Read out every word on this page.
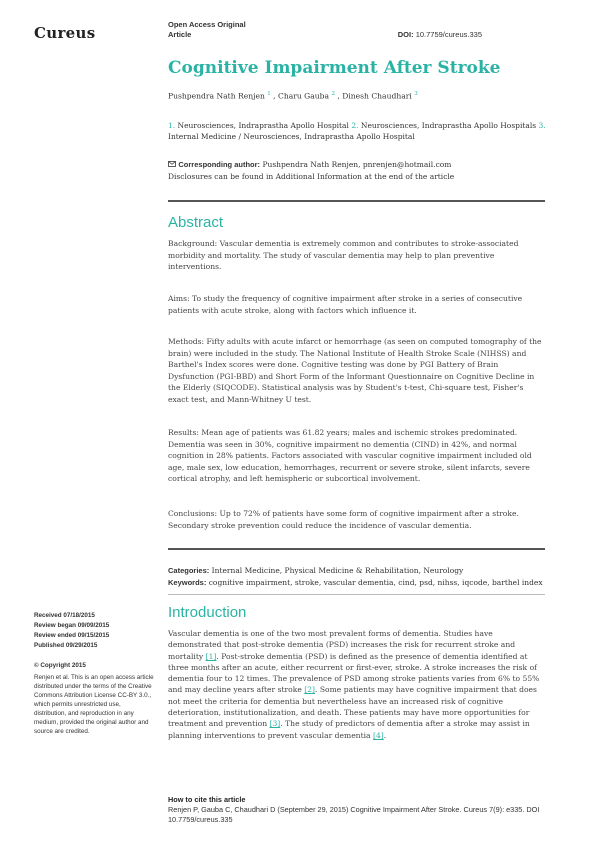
Cureus	Open Access Original
Article	DOI: 10.7759/cureus.335
Cognitive Impairment After Stroke
Pushpendra Nath Renjen $^1$ , Charu Gauba $^2$ , Dinesh Chaudhari $^3$
1. Neurosciences, Indraprastha Apollo Hospital 2. Neurosciences, Indraprastha Apollo Hospitals 3. Internal Medicine / Neurosciences, Indraprastha Apollo Hospital
Corresponding author: Pushpendra Nath Renjen, pnrenjen@hotmail.com
Disclosures can be found in Additional Information at the end of the article
Abstract

Background: Vascular dementia is extremely common and contributes to stroke-associated morbidity and mortality. The study of vascular dementia may help to plan preventive interventions.

Aims: To study the frequency of cognitive impairment after stroke in a series of consecutive patients with acute stroke, along with factors which influence it.

Methods: Fifty adults with acute infarct or hemorrhage (as seen on computed tomography of the brain) were included in the study. The National Institute of Health Stroke Scale (NIHSS) and Barthel's Index scores were done. Cognitive testing was done by PGI Battery of Brain Dysfunction (PGI-BBD) and Short Form of the Informant Questionnaire on Cognitive Decline in the Elderly (SIQCODE). Statistical analysis was by Student's t-test, Chi-square test, Fisher's exact test, and Mann-Whitney U test.

Results: Mean age of patients was 61.82 years; males and ischemic strokes predominated. Dementia was seen in 30%, cognitive impairment no dementia (CIND) in 42%, and normal cognition in 28% patients. Factors associated with vascular cognitive impairment included old age, male sex, low education, hemorrhages, recurrent or severe stroke, silent infarcts, severe cortical atrophy, and left hemispheric or subcortical involvement.

Conclusions: Up to 72% of patients have some form of cognitive impairment after a stroke. Secondary stroke prevention could reduce the incidence of vascular dementia.

Categories: Internal Medicine, Physical Medicine & Rehabilitation, Neurology
Keywords: cognitive impairment, stroke, vascular dementia, cind, psd, nihss, iqcode, barthel index
Received 07/18/2015
Review began 09/09/2015
Review ended 09/15/2015
Published 09/29/2015
© Copyright 2015
Renjen et al. This is an open access article distributed under the terms of the Creative Commons Attribution License CC-BY 3.0., which permits unrestricted use, distribution, and reproduction in any medium, provided the original author and source are credited.
Introduction

Vascular dementia is one of the two most prevalent forms of dementia. Studies have demonstrated that post-stroke dementia (PSD) increases the risk for recurrent stroke and mortality [1]. Post-stroke dementia (PSD) is defined as the presence of dementia identified at three months after an acute, either recurrent or first-ever, stroke. A stroke increases the risk of dementia four to 12 times. The prevalence of PSD among stroke patients varies from 6% to 55% and may decline years after stroke [2]. Some patients may have cognitive impairment that does not meet the criteria for dementia but nevertheless have an increased risk of cognitive deterioration, institutionalization, and death. These patients may have more opportunities for treatment and prevention [3]. The study of predictors of dementia after a stroke may assist in planning interventions to prevent vascular dementia [4].

How to cite this article
Renjen P, Gauba C, Chaudhari D (September 29, 2015) Cognitive Impairment After Stroke. Cureus 7(9): e335. DOI 10.7759/cureus.335
